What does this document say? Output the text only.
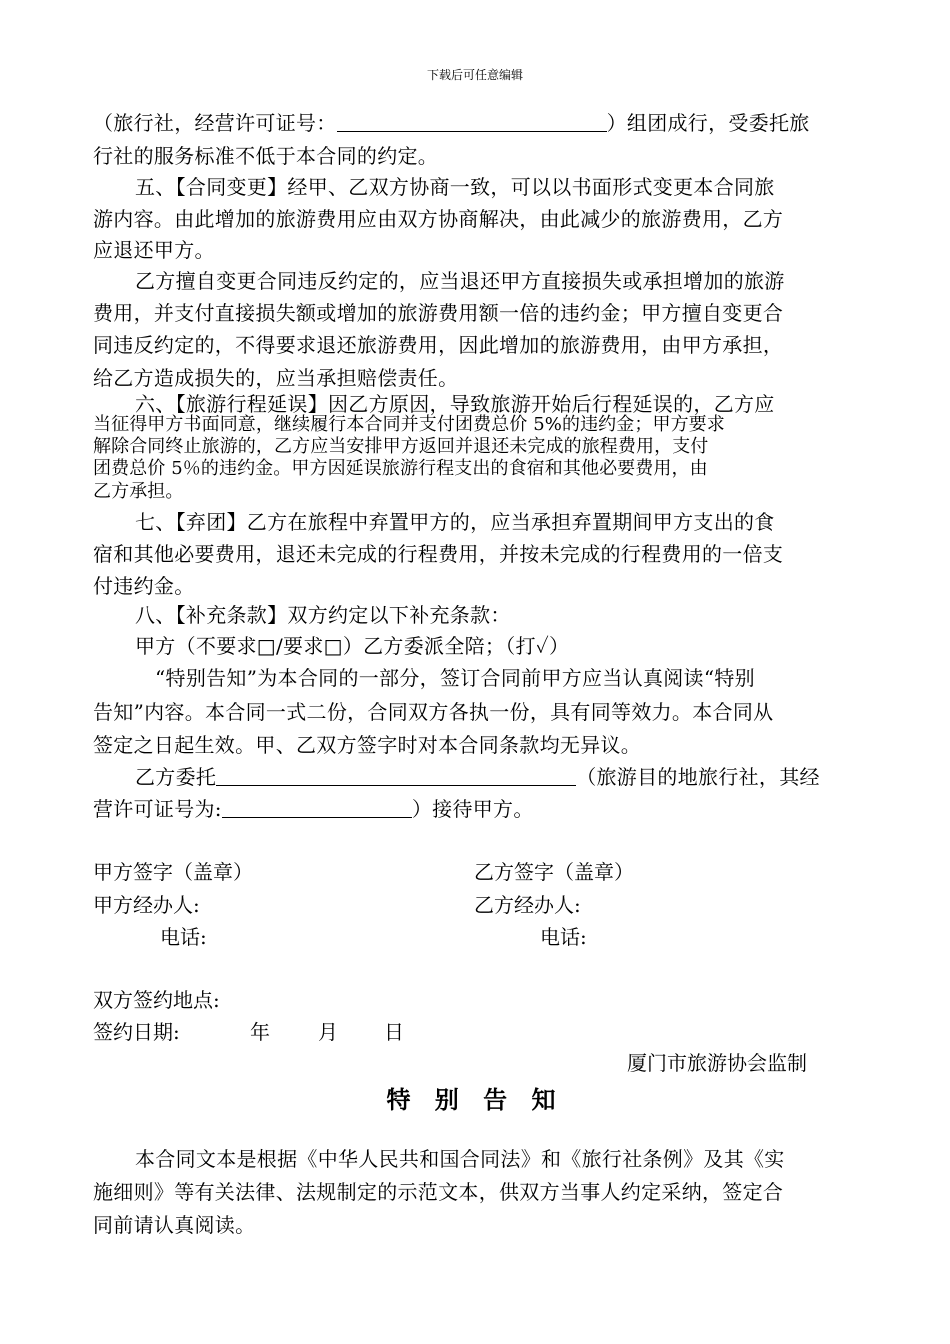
下载后可任意编辑
（旅行社，经营许可证号：	）组团成行，受委托旅
行社的服务标准不低于本合同的约定。
五、【合同变更】经甲、乙双方协商一致，可以以书面形式变更本合同旅
游内容。由此增加的旅游费用应由双方协商解决，由此减少的旅游费用，乙方
应退还甲方。
乙方擅自变更合同违反约定的，应当退还甲方直接损失或承担增加的旅游
费用，并支付直接损失额或增加的旅游费用额一倍的违约金；甲方擅自变更合
同违反约定的，不得要求退还旅游费用，因此增加的旅游费用，由甲方承担，
给乙方造成损失的，应当承担赔偿责任。
六、【旅游行程延误】因乙方原因，导致旅游开始后行程延误的，乙方应
当征得甲方书面同意，继续履行本合同并支付团费总价 5%的违约金；甲方要求
解除合同终止旅游的，乙方应当安排甲方返回并退还未完成的旅程费用，支付
团费总价 5％的违约金。甲方因延误旅游行程支出的食宿和其他必要费用，由
乙方承担。
七、【弃团】乙方在旅程中弃置甲方的，应当承担弃置期间甲方支出的食
宿和其他必要费用，退还未完成的行程费用，并按未完成的行程费用的一倍支
付违约金。
八、【补充条款】双方约定以下补充条款：
甲方（不要求□/要求□）乙方委派全陪；（打✓）
“特别告知”为本合同的一部分，签订合同前甲方应当认真阅读“特别
告知”内容。本合同一式二份，合同双方各执一份，具有同等效力。本合同从
签定之日起生效。甲、乙双方签字时对本合同条款均无异议。
乙方委托	（旅游目的地旅行社，其经
营许可证号为:	）接待甲方。
甲方签字（盖章）	乙方签字（盖章）
甲方经办人:	乙方经办人:
电话:	电话:
双方签约地点:
签约日期:	年 月 日
厦门市旅游协会监制
特 别 告 知
本合同文本是根据《中华人民共和国合同法》和《旅行社条例》及其《实
施细则》等有关法律、法规制定的示范文本，供双方当事人约定采纳，签定合
同前请认真阅读。
